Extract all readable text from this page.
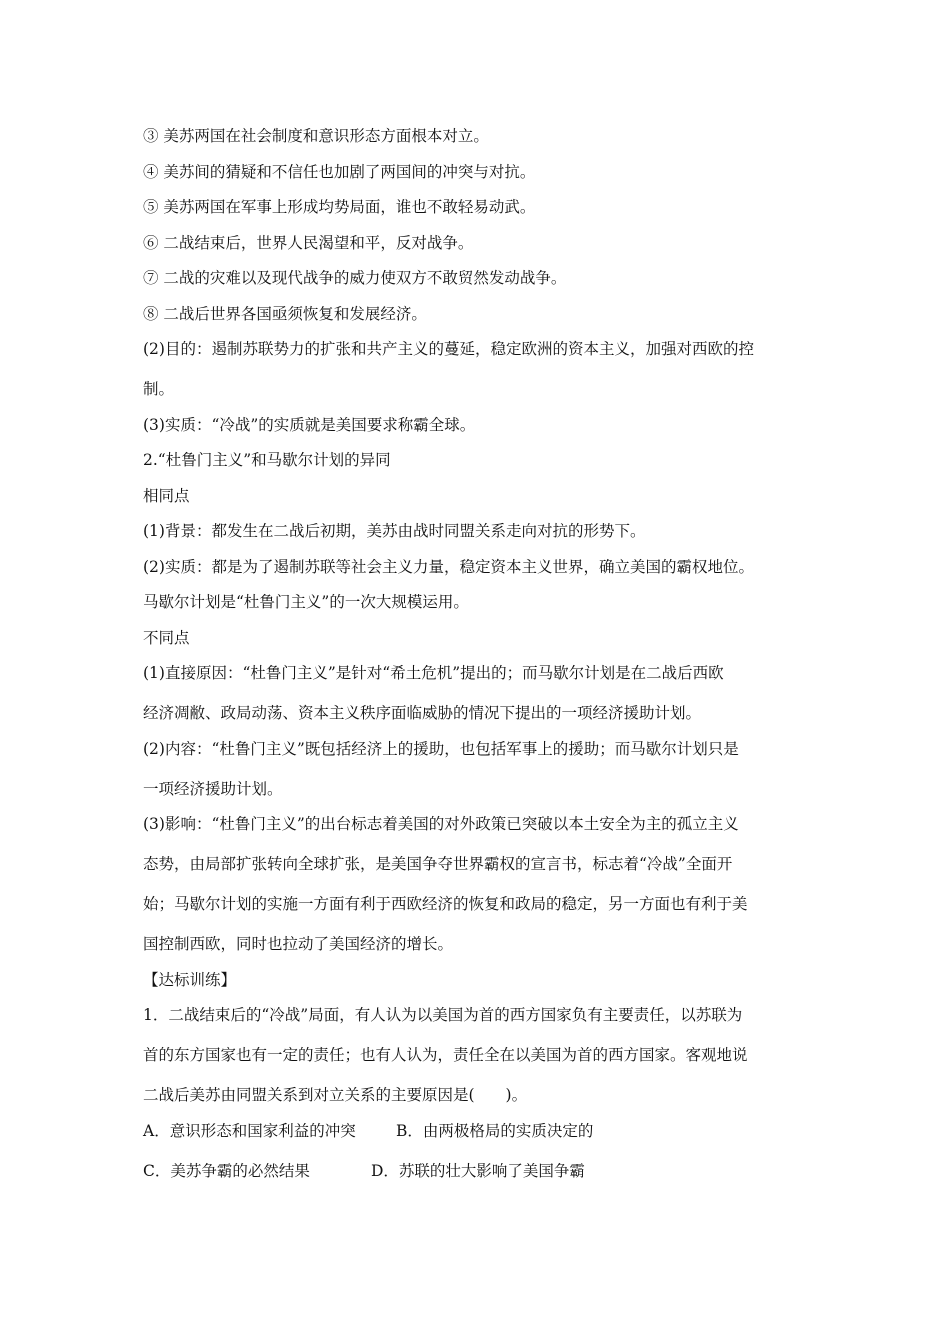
③ 美苏两国在社会制度和意识形态方面根本对立。

④ 美苏间的猜疑和不信任也加剧了两国间的冲突与对抗。

⑤ 美苏两国在军事上形成均势局面，谁也不敢轻易动武。

⑥ 二战结束后，世界人民渴望和平，反对战争。

⑦ 二战的灾难以及现代战争的威力使双方不敢贸然发动战争。

⑧ 二战后世界各国亟须恢复和发展经济。

(2)目的：遏制苏联势力的扩张和共产主义的蔓延，稳定欧洲的资本主义，加强对西欧的控

制。

(3)实质：“冷战”的实质就是美国要求称霸全球。

2.“杜鲁门主义”和马歇尔计划的异同

相同点

(1)背景：都发生在二战后初期，美苏由战时同盟关系走向对抗的形势下。

(2)实质：都是为了遏制苏联等社会主义力量，稳定资本主义世界，确立美国的霸权地位。

马歇尔计划是“杜鲁门主义”的一次大规模运用。

不同点

(1)直接原因：“杜鲁门主义”是针对“希土危机”提出的；而马歇尔计划是在二战后西欧

经济凋敝、政局动荡、资本主义秩序面临威胁的情况下提出的一项经济援助计划。

(2)内容：“杜鲁门主义”既包括经济上的援助，也包括军事上的援助；而马歇尔计划只是

一项经济援助计划。

(3)影响：“杜鲁门主义”的出台标志着美国的对外政策已突破以本土安全为主的孤立主义

态势，由局部扩张转向全球扩张，是美国争夺世界霸权的宣言书，标志着“冷战”全面开

始；马歇尔计划的实施一方面有利于西欧经济的恢复和政局的稳定，另一方面也有利于美

国控制西欧，同时也拉动了美国经济的增长。

【达标训练】

1．二战结束后的“冷战”局面，有人认为以美国为首的西方国家负有主要责任，以苏联为

首的东方国家也有一定的责任；也有人认为，责任全在以美国为首的西方国家。客观地说

二战后美苏由同盟关系到对立关系的主要原因是(　　)。

A．意识形态和国家利益的冲突	B．由两极格局的实质决定的
C．美苏争霸的必然结果	D．苏联的壮大影响了美国争霸
